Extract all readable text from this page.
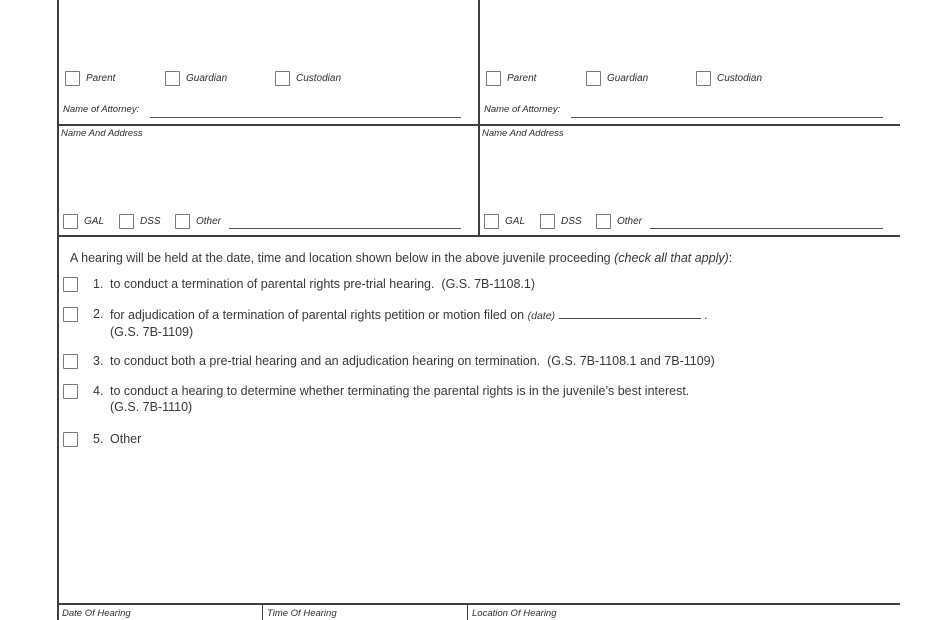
Parent	Guardian	Custodian
Name of Attorney:
Name And Address
GAL	DSS	Other
Parent	Guardian	Custodian
Name of Attorney:
Name And Address
GAL	DSS	Other
A hearing will be held at the date, time and location shown below in the above juvenile proceeding (check all that apply):
1. to conduct a termination of parental rights pre-trial hearing.  (G.S. 7B-1108.1)
2. for adjudication of a termination of parental rights petition or motion filed on (date)	.
(G.S. 7B-1109)
3. to conduct both a pre-trial hearing and an adjudication hearing on termination.  (G.S. 7B-1108.1 and 7B-1109)
4. to conduct a hearing to determine whether terminating the parental rights is in the juvenile’s best interest.
(G.S. 7B-1110)
5. Other
Date Of Hearing	Time Of Hearing	Location Of Hearing
